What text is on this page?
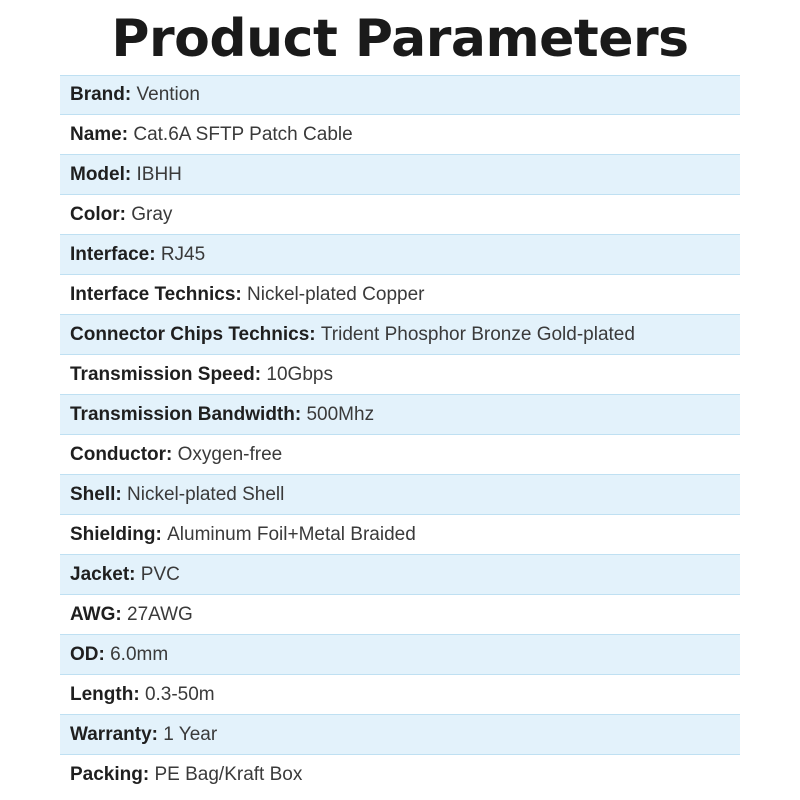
Product Parameters
Brand:
Vention
Name:
Cat.6A SFTP Patch Cable
Model:
IBHH
Color:
Gray
Interface:
RJ45
Interface Technics:
Nickel-plated Copper
Connector Chips Technics:
Trident Phosphor Bronze Gold-plated
Transmission Speed:
10Gbps
Transmission Bandwidth:
500Mhz
Conductor:
Oxygen-free
Shell:
Nickel-plated Shell
Shielding:
Aluminum Foil+Metal Braided
Jacket:
PVC
AWG:
27AWG
OD:
6.0mm
Length:
0.3-50m
Warranty:
1 Year
Packing:
PE Bag/Kraft Box
